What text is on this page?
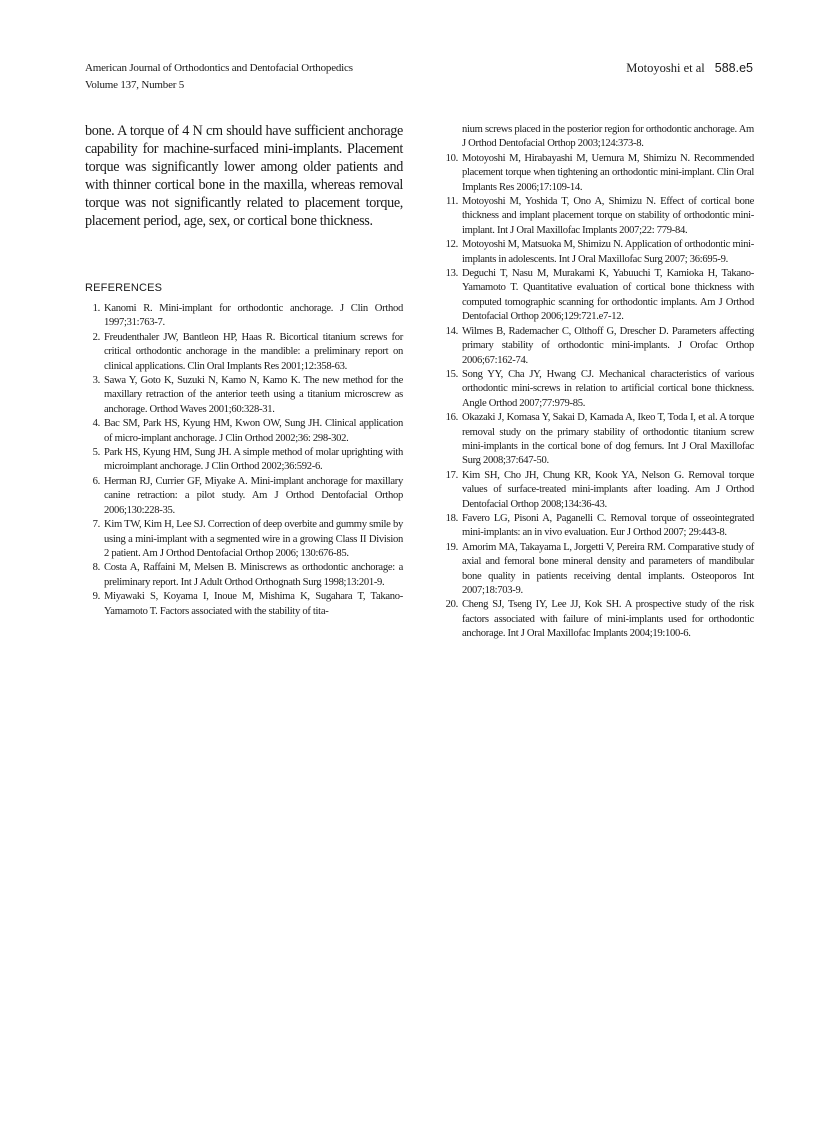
American Journal of Orthodontics and Dentofacial Orthopedics
Volume 137, Number 5
Motoyoshi et al 588.e5

bone. A torque of 4 N cm should have sufficient anchorage capability for machine-surfaced mini-implants. Placement torque was significantly lower among older patients and with thinner cortical bone in the maxilla, whereas removal torque was not significantly related to placement torque, placement period, age, sex, or cortical bone thickness.

REFERENCES
1. Kanomi R. Mini-implant for orthodontic anchorage. J Clin Orthod 1997;31:763-7.
2. Freudenthaler JW, Bantleon HP, Haas R. Bicortical titanium screws for critical orthodontic anchorage in the mandible: a preliminary report on clinical applications. Clin Oral Implants Res 2001;12:358-63.
3. Sawa Y, Goto K, Suzuki N, Kamo N, Kamo K. The new method for the maxillary retraction of the anterior teeth using a titanium microscrew as anchorage. Orthod Waves 2001;60:328-31.
4. Bac SM, Park HS, Kyung HM, Kwon OW, Sung JH. Clinical application of micro-implant anchorage. J Clin Orthod 2002;36: 298-302.
5. Park HS, Kyung HM, Sung JH. A simple method of molar uprighting with microimplant anchorage. J Clin Orthod 2002;36:592-6.
6. Herman RJ, Currier GF, Miyake A. Mini-implant anchorage for maxillary canine retraction: a pilot study. Am J Orthod Dentofacial Orthop 2006;130:228-35.
7. Kim TW, Kim H, Lee SJ. Correction of deep overbite and gummy smile by using a mini-implant with a segmented wire in a growing Class II Division 2 patient. Am J Orthod Dentofacial Orthop 2006; 130:676-85.
8. Costa A, Raffaini M, Melsen B. Miniscrews as orthodontic anchorage: a preliminary report. Int J Adult Orthod Orthognath Surg 1998;13:201-9.
9. Miyawaki S, Koyama I, Inoue M, Mishima K, Sugahara T, Takano-Yamamoto T. Factors associated with the stability of tita-
nium screws placed in the posterior region for orthodontic anchorage. Am J Orthod Dentofacial Orthop 2003;124:373-8.
10. Motoyoshi M, Hirabayashi M, Uemura M, Shimizu N. Recommended placement torque when tightening an orthodontic mini-implant. Clin Oral Implants Res 2006;17:109-14.
11. Motoyoshi M, Yoshida T, Ono A, Shimizu N. Effect of cortical bone thickness and implant placement torque on stability of orthodontic mini-implant. Int J Oral Maxillofac Implants 2007;22: 779-84.
12. Motoyoshi M, Matsuoka M, Shimizu N. Application of orthodontic mini-implants in adolescents. Int J Oral Maxillofac Surg 2007; 36:695-9.
13. Deguchi T, Nasu M, Murakami K, Yabuuchi T, Kamioka H, Takano-Yamamoto T. Quantitative evaluation of cortical bone thickness with computed tomographic scanning for orthodontic implants. Am J Orthod Dentofacial Orthop 2006;129:721.e7-12.
14. Wilmes B, Rademacher C, Olthoff G, Drescher D. Parameters affecting primary stability of orthodontic mini-implants. J Orofac Orthop 2006;67:162-74.
15. Song YY, Cha JY, Hwang CJ. Mechanical characteristics of various orthodontic mini-screws in relation to artificial cortical bone thickness. Angle Orthod 2007;77:979-85.
16. Okazaki J, Komasa Y, Sakai D, Kamada A, Ikeo T, Toda I, et al. A torque removal study on the primary stability of orthodontic titanium screw mini-implants in the cortical bone of dog femurs. Int J Oral Maxillofac Surg 2008;37:647-50.
17. Kim SH, Cho JH, Chung KR, Kook YA, Nelson G. Removal torque values of surface-treated mini-implants after loading. Am J Orthod Dentofacial Orthop 2008;134:36-43.
18. Favero LG, Pisoni A, Paganelli C. Removal torque of osseointegrated mini-implants: an in vivo evaluation. Eur J Orthod 2007; 29:443-8.
19. Amorim MA, Takayama L, Jorgetti V, Pereira RM. Comparative study of axial and femoral bone mineral density and parameters of mandibular bone quality in patients receiving dental implants. Osteoporos Int 2007;18:703-9.
20. Cheng SJ, Tseng IY, Lee JJ, Kok SH. A prospective study of the risk factors associated with failure of mini-implants used for orthodontic anchorage. Int J Oral Maxillofac Implants 2004;19:100-6.
